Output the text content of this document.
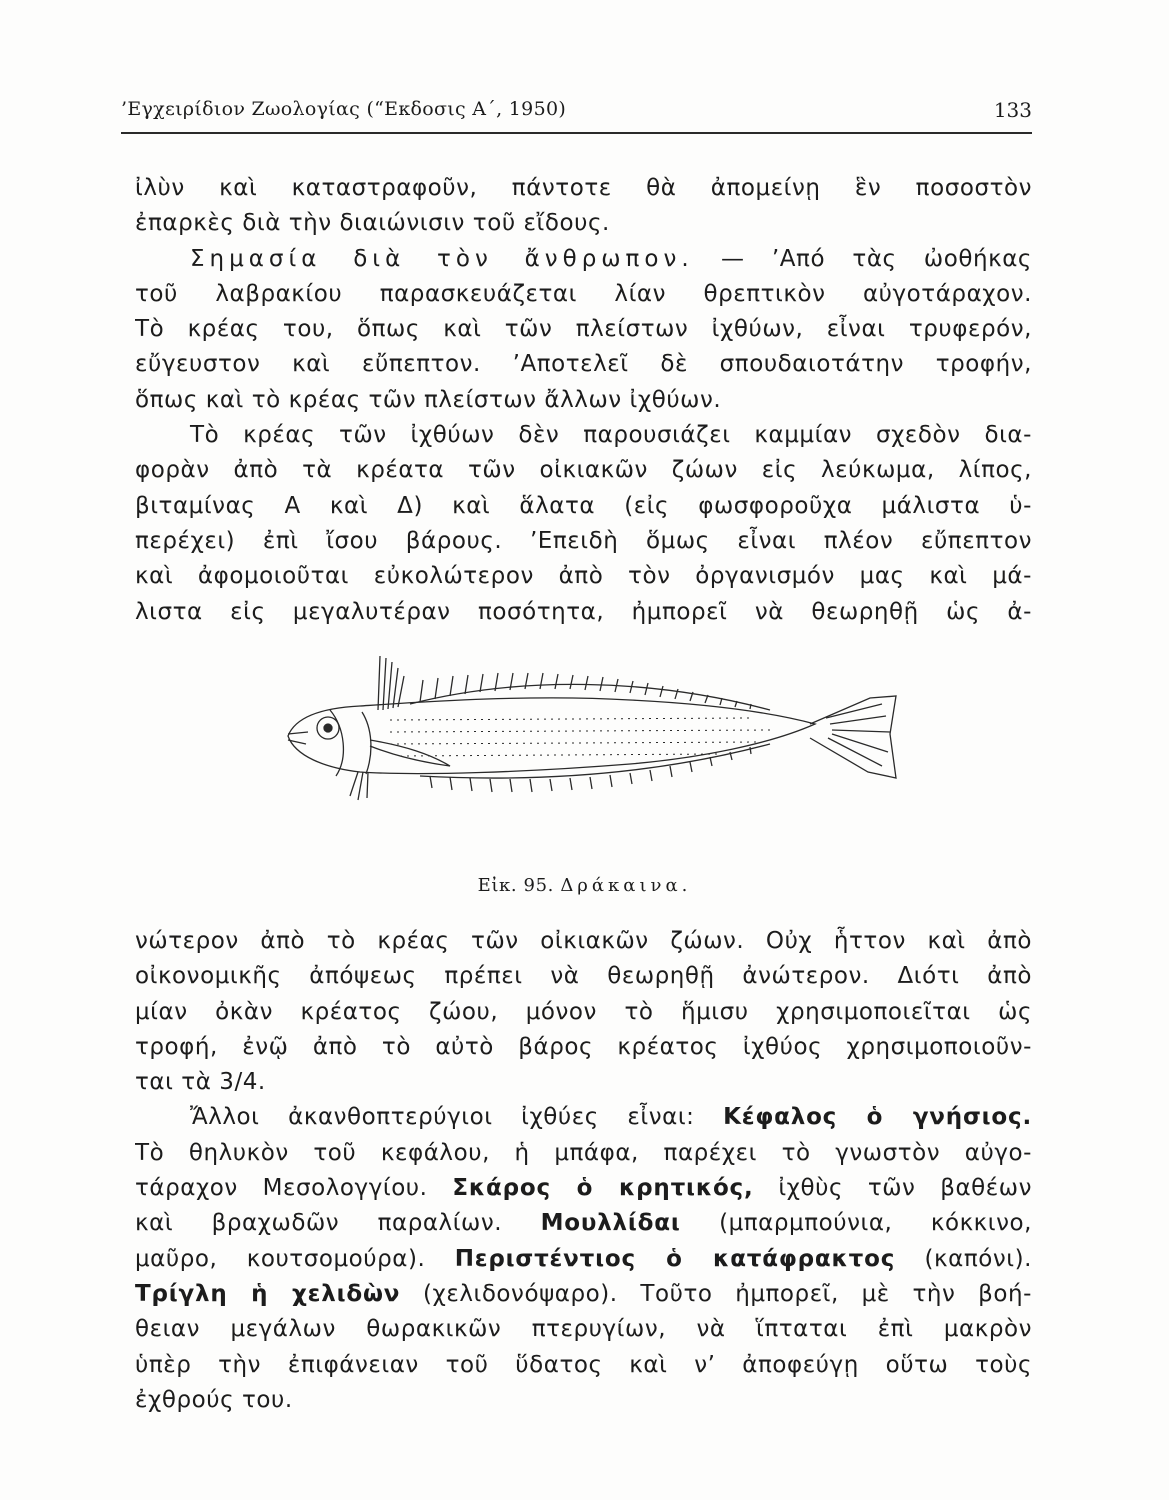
’Εγχειρίδιον Ζωολογίας (“Εκδοσις Α΄, 1950)	133
ἰλὺν καὶ καταστραφοῦν, πάντοτε θὰ ἀπομείνῃ ἓν ποσοστὸν
ἐπαρκὲς διὰ τὴν διαιώνισιν τοῦ εἴδους.
Σημασία διὰ τὸν ἄνθρωπον. — ’Από τὰς ὠοθήκας
τοῦ λαβρακίου παρασκευάζεται λίαν θρεπτικὸν αὐγοτάραχον.
Τὸ κρέας του, ὅπως καὶ τῶν πλείστων ἰχθύων, εἶναι τρυφερόν,
εὔγευστον καὶ εὔπεπτον. ’Αποτελεῖ δὲ σπουδαιοτάτην τροφήν,
ὅπως καὶ τὸ κρέας τῶν πλείστων ἄλλων ἰχθύων.
Τὸ κρέας τῶν ἰχθύων δὲν παρουσιάζει καμμίαν σχεδὸν δια-
φορὰν ἀπὸ τὰ κρέατα τῶν οἰκιακῶν ζώων εἰς λεύκωμα, λίπος,
βιταμίνας Α καὶ Δ) καὶ ἅλατα (εἰς φωσφοροῦχα μάλιστα ὑ-
περέχει) ἐπὶ ἴσου βάρους. ’Επειδὴ ὅμως εἶναι πλέον εὔπεπτον
καὶ ἀφομοιοῦται εὐκολώτερον ἀπὸ τὸν ὀργανισμόν μας καὶ μά-
λιστα εἰς μεγαλυτέραν ποσότητα, ἠμπορεῖ νὰ θεωρηθῇ ὡς ἀ-
Εἰκ. 95. Δράκαινα.
νώτερον ἀπὸ τὸ κρέας τῶν οἰκιακῶν ζώων. Οὐχ ἧττον καὶ ἀπὸ
οἰκονομικῆς ἀπόψεως πρέπει νὰ θεωρηθῇ ἀνώτερον. Διότι ἀπὸ
μίαν ὀκὰν κρέατος ζώου, μόνον τὸ ἥμισυ χρησιμοποιεῖται ὡς
τροφή, ἐνῷ ἀπὸ τὸ αὐτὸ βάρος κρέατος ἰχθύος χρησιμοποιοῦν-
ται τὰ 3/4.
Ἄλλοι ἀκανθοπτερύγιοι ἰχθύες εἶναι: Κέφαλος ὁ γνήσιος.
Τὸ θηλυκὸν τοῦ κεφάλου, ἡ μπάφα, παρέχει τὸ γνωστὸν αὐγο-
τάραχον Μεσολογγίου. Σκάρος ὁ κρητικός, ἰχθὺς τῶν βαθέων
καὶ βραχωδῶν παραλίων. Μουλλίδαι (μπαρμπούνια, κόκκινο,
μαῦρο, κουτσομούρα). Περιστέντιος ὁ κατάφρακτος (καπόνι).
Τρίγλη ἡ χελιδὼν (χελιδονόψαρο). Τοῦτο ἠμπορεῖ, μὲ τὴν βοή-
θειαν μεγάλων θωρακικῶν πτερυγίων, νὰ ἵπταται ἐπὶ μακρὸν
ὑπὲρ τὴν ἐπιφάνειαν τοῦ ὕδατος καὶ ν’ ἀποφεύγῃ οὕτω τοὺς
ἐχθρούς του.
